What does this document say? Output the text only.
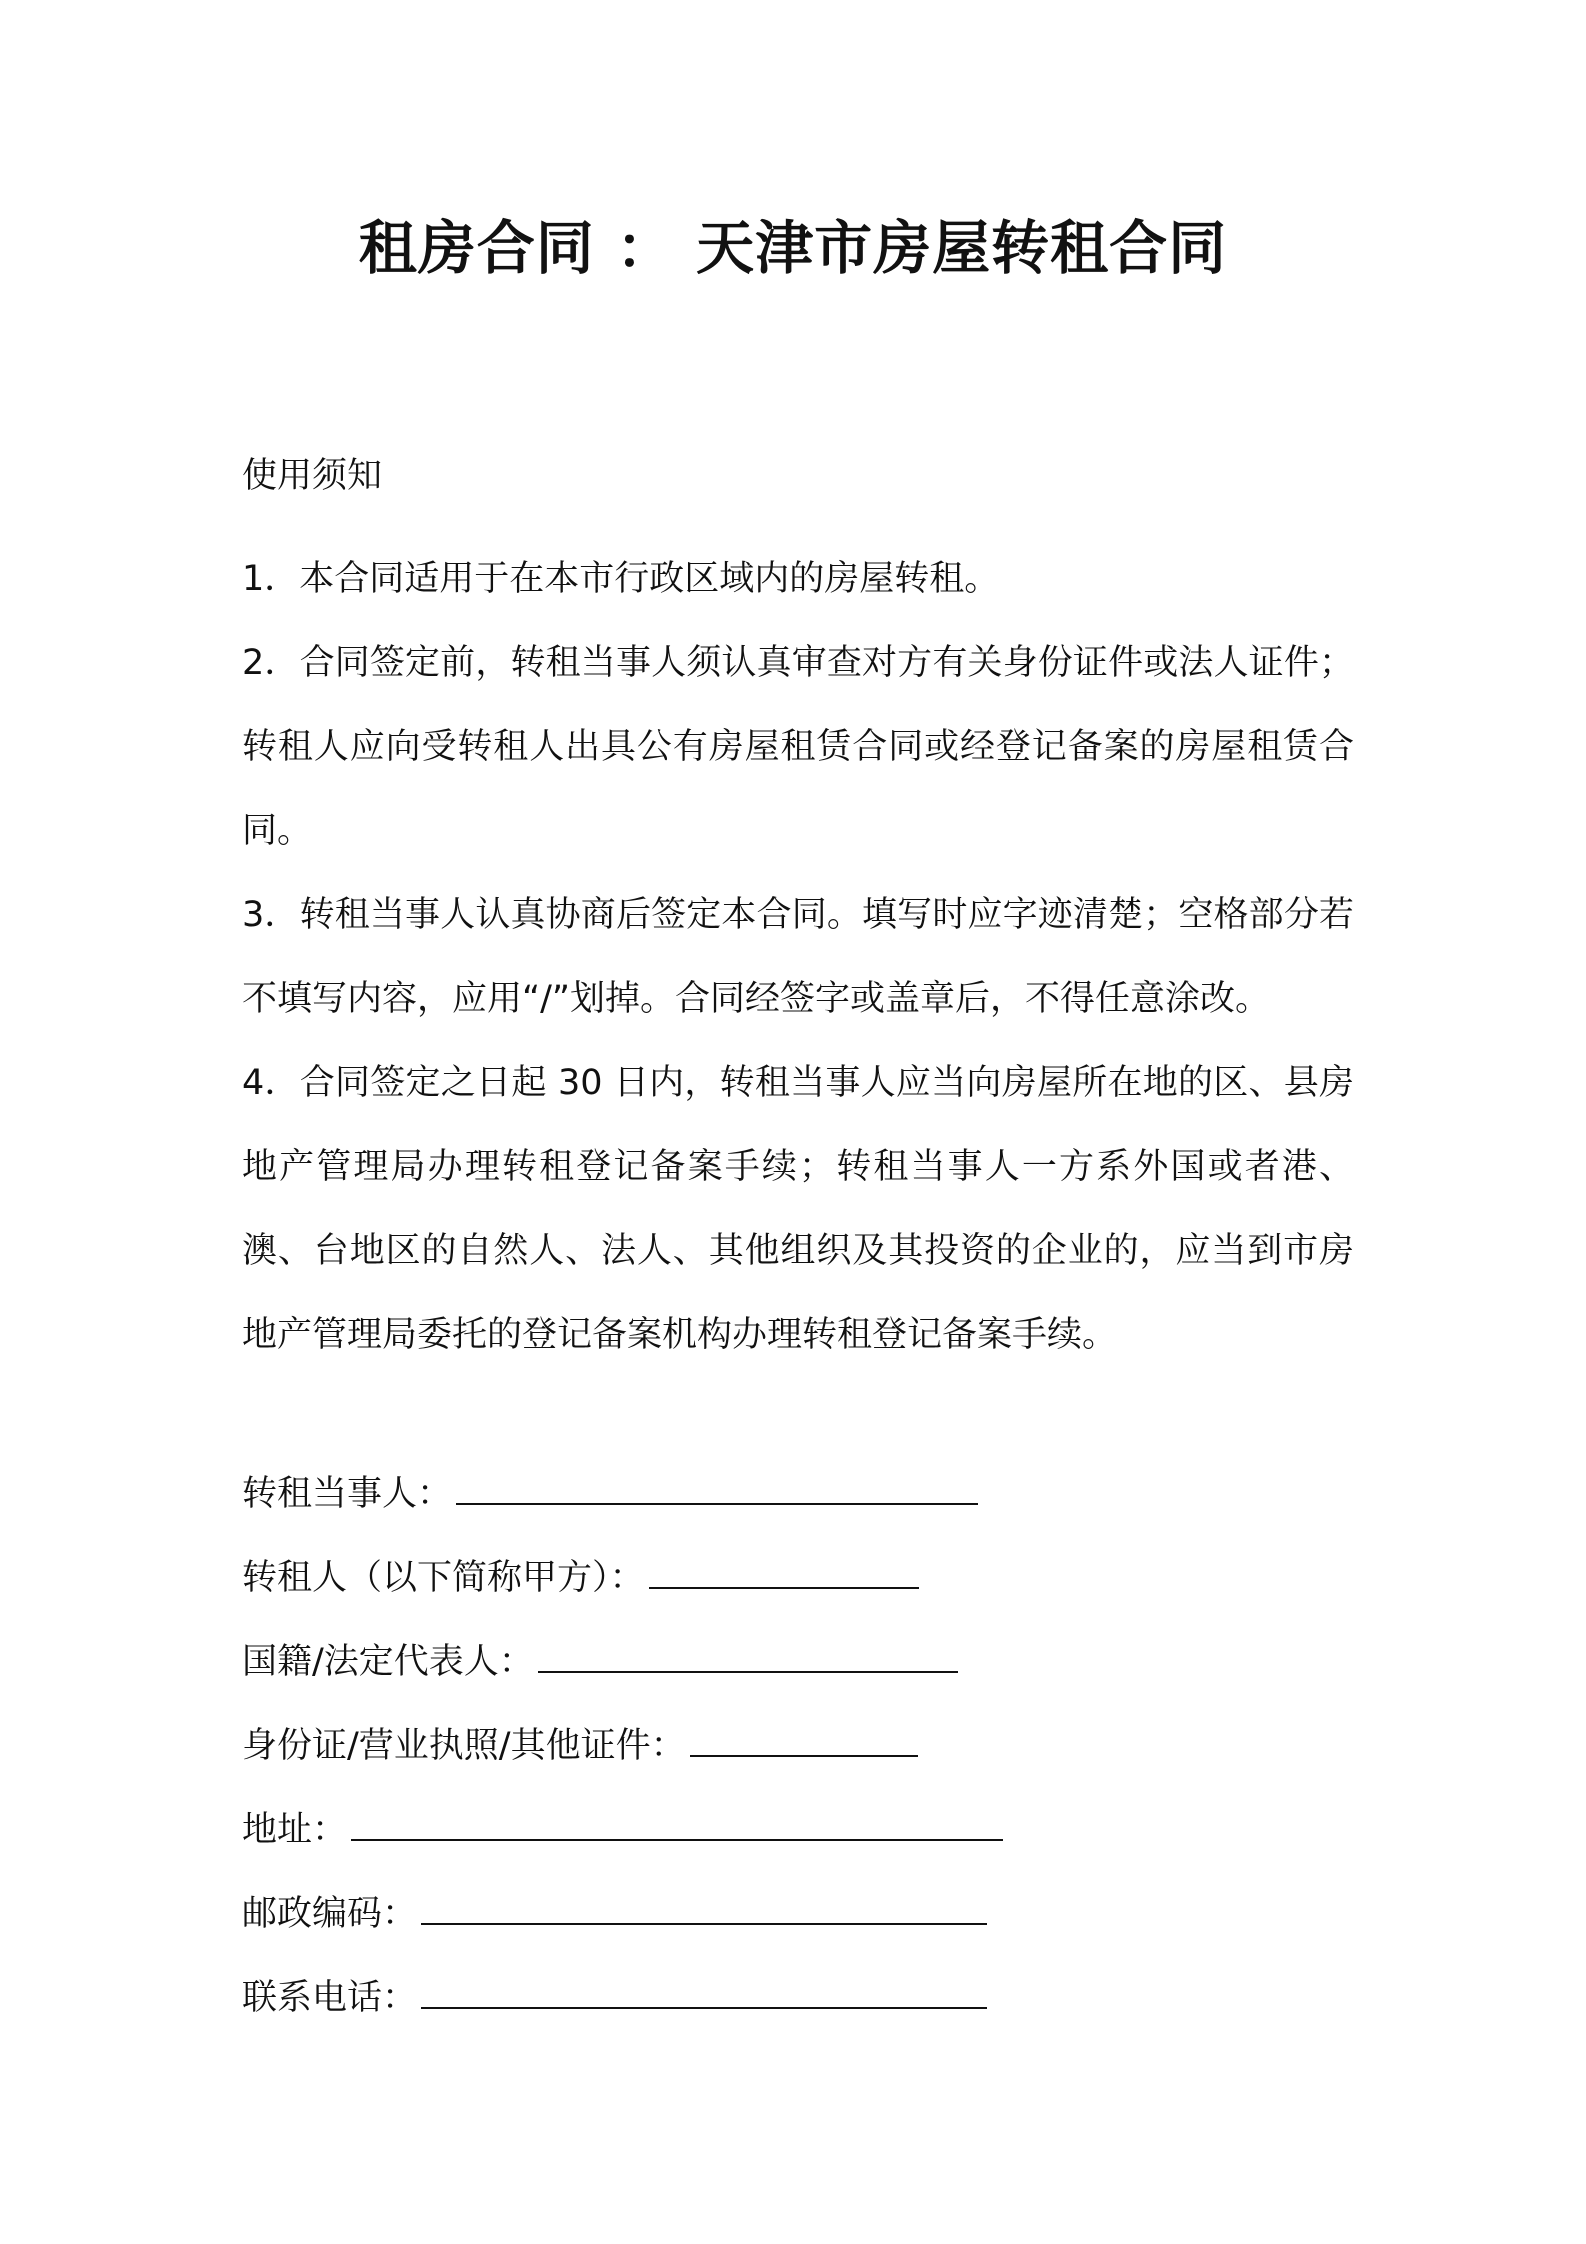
租房合同 ： 天津市房屋转租合同
使用须知

1．本合同适用于在本市行政区域内的房屋转租。

2．合同签定前，转租当事人须认真审查对方有关身份证件或法人证件；转租人应向受转租人出具公有房屋租赁合同或经登记备案的房屋租赁合同。

3．转租当事人认真协商后签定本合同。填写时应字迹清楚；空格部分若不填写内容，应用“/”划掉。合同经签字或盖章后，不得任意涂改。

4．合同签定之日起 30 日内，转租当事人应当向房屋所在地的区、县房地产管理局办理转租登记备案手续；转租当事人一方系外国或者港、澳、台地区的自然人、法人、其他组织及其投资的企业的，应当到市房地产管理局委托的登记备案机构办理转租登记备案手续。

转租当事人：
转租人（以下简称甲方）：
国籍/法定代表人：
身份证/营业执照/其他证件：
地址：
邮政编码：
联系电话：
